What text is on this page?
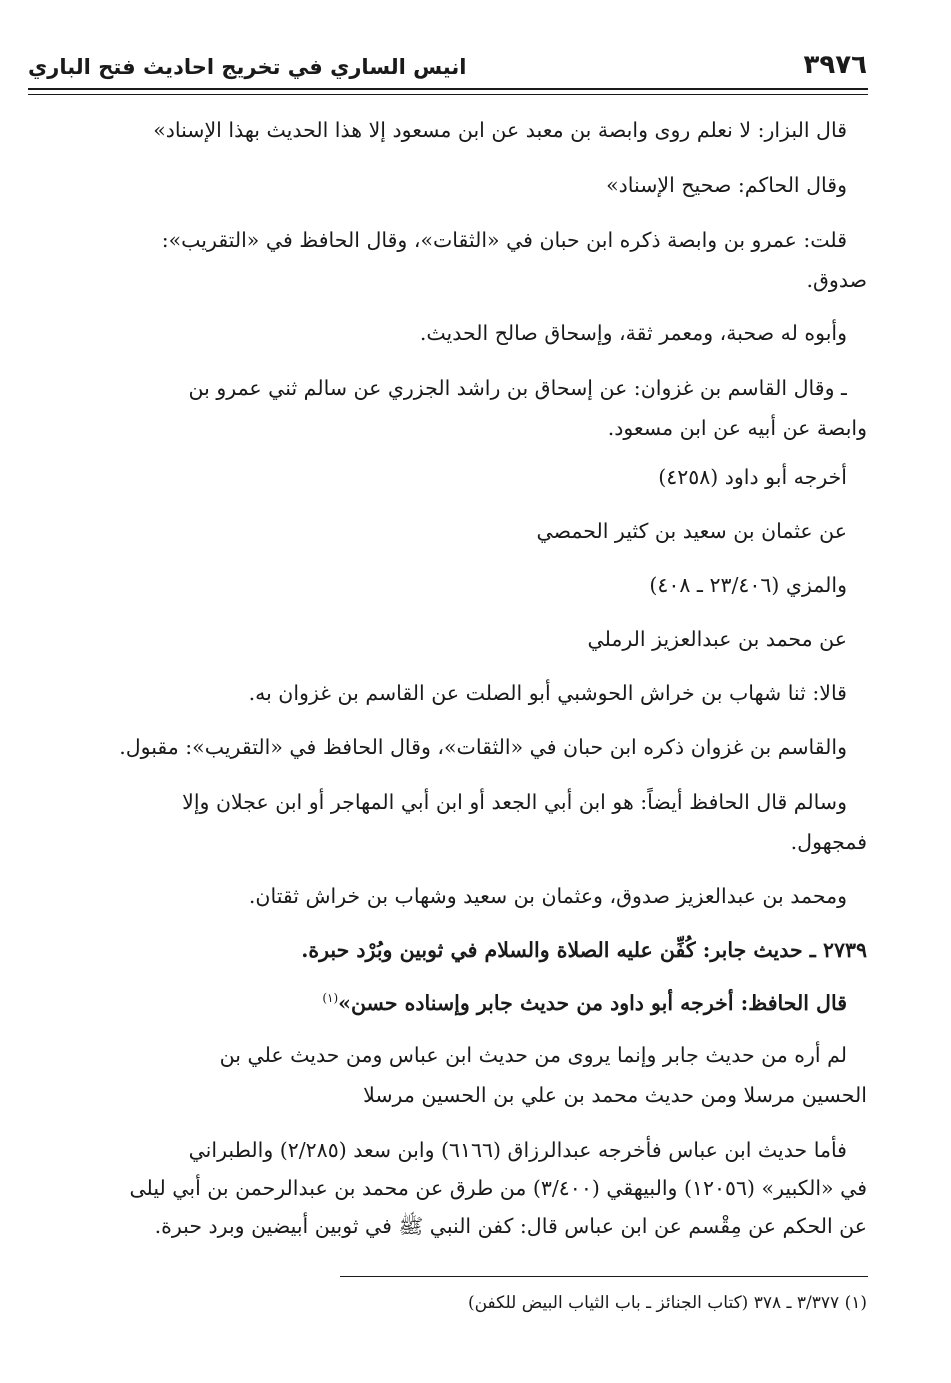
٣٩٧٦
انيس الساري في تخريج احاديث فتح الباري
قال البزار: لا نعلم روى وابصة بن معبد عن ابن مسعود إلا هذا الحديث بهذا الإسناد»
وقال الحاكم: صحيح الإسناد»
قلت: عمرو بن وابصة ذكره ابن حبان في «الثقات»، وقال الحافظ في «التقريب»:
صدوق.
وأبوه له صحبة، ومعمر ثقة، وإسحاق صالح الحديث.
ـ وقال القاسم بن غزوان: عن إسحاق بن راشد الجزري عن سالم ثني عمرو بن
وابصة عن أبيه عن ابن مسعود.
أخرجه أبو داود (٤٢٥٨)
عن عثمان بن سعيد بن كثير الحمصي
والمزي (٢٣/٤٠٦ ـ ٤٠٨)
عن محمد بن عبدالعزيز الرملي
قالا: ثنا شهاب بن خراش الحوشبي أبو الصلت عن القاسم بن غزوان به.
والقاسم بن غزوان ذكره ابن حبان في «الثقات»، وقال الحافظ في «التقريب»: مقبول.
وسالم قال الحافظ أيضاً: هو ابن أبي الجعد أو ابن أبي المهاجر أو ابن عجلان وإلا
فمجهول.
ومحمد بن عبدالعزيز صدوق، وعثمان بن سعيد وشهاب بن خراش ثقتان.
٢٧٣٩ ـ حديث جابر: كُفِّن عليه الصلاة والسلام في ثوبين وبُرْد حبرة.
قال الحافظ: أخرجه أبو داود من حديث جابر وإسناده حسن»$^{(١)}$
لم أره من حديث جابر وإنما يروى من حديث ابن عباس ومن حديث علي بن
الحسين مرسلا ومن حديث محمد بن علي بن الحسين مرسلا
فأما حديث ابن عباس فأخرجه عبدالرزاق (٦١٦٦) وابن سعد (٢/٢٨٥) والطبراني
في «الكبير» (١٢٠٥٦) والبيهقي (٣/٤٠٠) من طرق عن محمد بن عبدالرحمن بن أبي ليلى
عن الحكم عن مِقْسم عن ابن عباس قال: كفن النبي ﷺ في ثوبين أبيضين وبرد حبرة.
(١) ٣/٣٧٧ ـ ٣٧٨ (كتاب الجنائز ـ باب الثياب البيض للكفن)
